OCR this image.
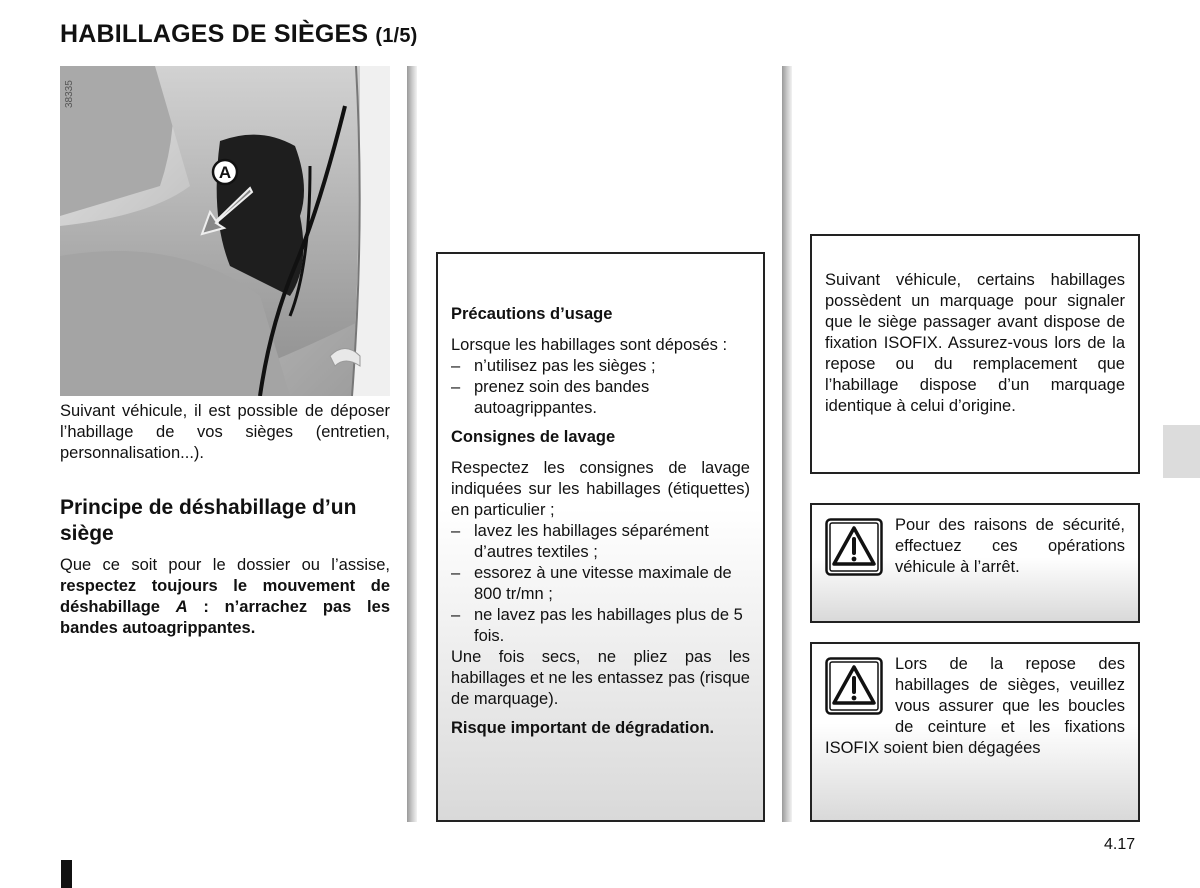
HABILLAGES DE SIÈGES (1/5)
A
38335
Suivant véhicule, il est possible de déposer l’habillage de vos sièges (entretien, personnalisation...).
Principe de déshabillage d’un siège
Que ce soit pour le dossier ou l’assise, respectez toujours le mouvement de déshabillage A : n’arrachez pas les bandes autoagrippantes.
Précautions d’usage
Lorsque les habillages sont déposés :
– n’utilisez pas les sièges ;
– prenez soin des bandes autoagrippantes.
Consignes de lavage
Respectez les consignes de lavage indiquées sur les habillages (étiquettes) en particulier ;
– lavez les habillages séparément d’autres textiles ;
– essorez à une vitesse maximale de 800 tr/mn ;
– ne lavez pas les habillages plus de 5 fois.
Une fois secs, ne pliez pas les habillages et ne les entassez pas (risque de marquage).
Risque important de dégradation.
Suivant véhicule, certains habillages possèdent un marquage pour signaler que le siège passager avant dispose de fixation ISOFIX. Assurez-vous lors de la repose ou du remplacement que l’habillage dispose d’un marquage identique à celui d’origine.
Pour des raisons de sécurité, effectuez ces opérations véhicule à l’arrêt.
Lors de la repose des habillages de sièges, veuillez vous assurer que les boucles de ceinture et les fixations ISOFIX soient bien dégagées
4.17
